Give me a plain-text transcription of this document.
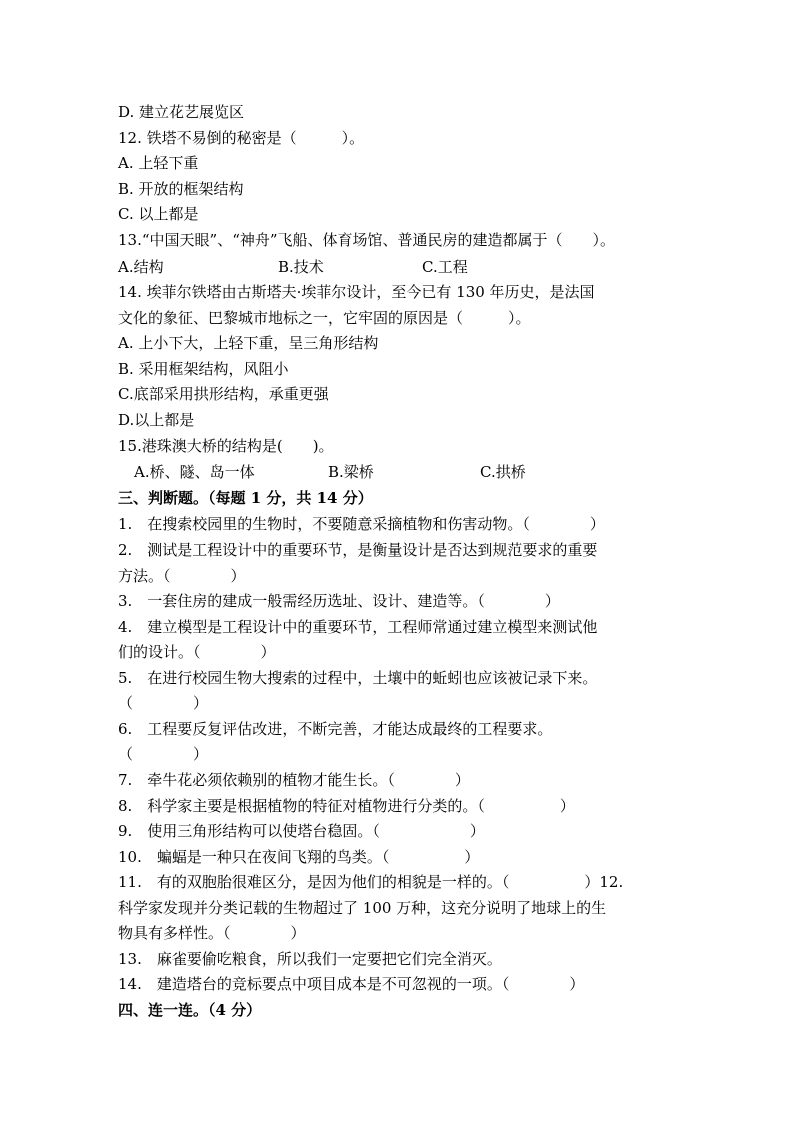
D. 建立花艺展览区
12. 铁塔不易倒的秘密是（　　　）。
A. 上轻下重
B. 开放的框架结构
C. 以上都是
13.“中国天眼”、“神舟”飞船、体育场馆、普通民房的建造都属于（　　）。
A.结构	B.技术	C.工程
14. 埃菲尔铁塔由古斯塔夫·埃菲尔设计，至今已有 130 年历史，是法国
文化的象征、巴黎城市地标之一，它牢固的原因是（　　　）。
A. 上小下大，上轻下重，呈三角形结构
B. 采用框架结构，风阻小
C.底部采用拱形结构，承重更强
D.以上都是
15.港珠澳大桥的结构是(　　)。
A.桥、隧、岛一体	B.梁桥	C.拱桥
三、判断题。（每题 1 分，共 14 分）
1.　在搜索校园里的生物时，不要随意采摘植物和伤害动物。（　　　　）
2.　测试是工程设计中的重要环节，是衡量设计是否达到规范要求的重要
方法。（　　　　）
3.　一套住房的建成一般需经历选址、设计、建造等。（　　　　）
4.　建立模型是工程设计中的重要环节，工程师常通过建立模型来测试他
们的设计。（　　　　）
5.　在进行校园生物大搜索的过程中，土壤中的蚯蚓也应该被记录下来。
（　　　　）
6.　工程要反复评估改进，不断完善，才能达成最终的工程要求。
（　　　　）
7.　牵牛花必须依赖别的植物才能生长。（　　　　）
8.　科学家主要是根据植物的特征对植物进行分类的。（　　　　　）
9.　使用三角形结构可以使塔台稳固。（　　　　　　）
10.　蝙蝠是一种只在夜间飞翔的鸟类。（　　　　　）
11.　有的双胞胎很难区分，是因为他们的相貌是一样的。（　　　　　）12.
科学家发现并分类记载的生物超过了 100 万种，这充分说明了地球上的生
物具有多样性。（　　　　）
13.　麻雀要偷吃粮食，所以我们一定要把它们完全消灭。
14.　建造塔台的竞标要点中项目成本是不可忽视的一项。（　　　　）
四、连一连。（4 分）
